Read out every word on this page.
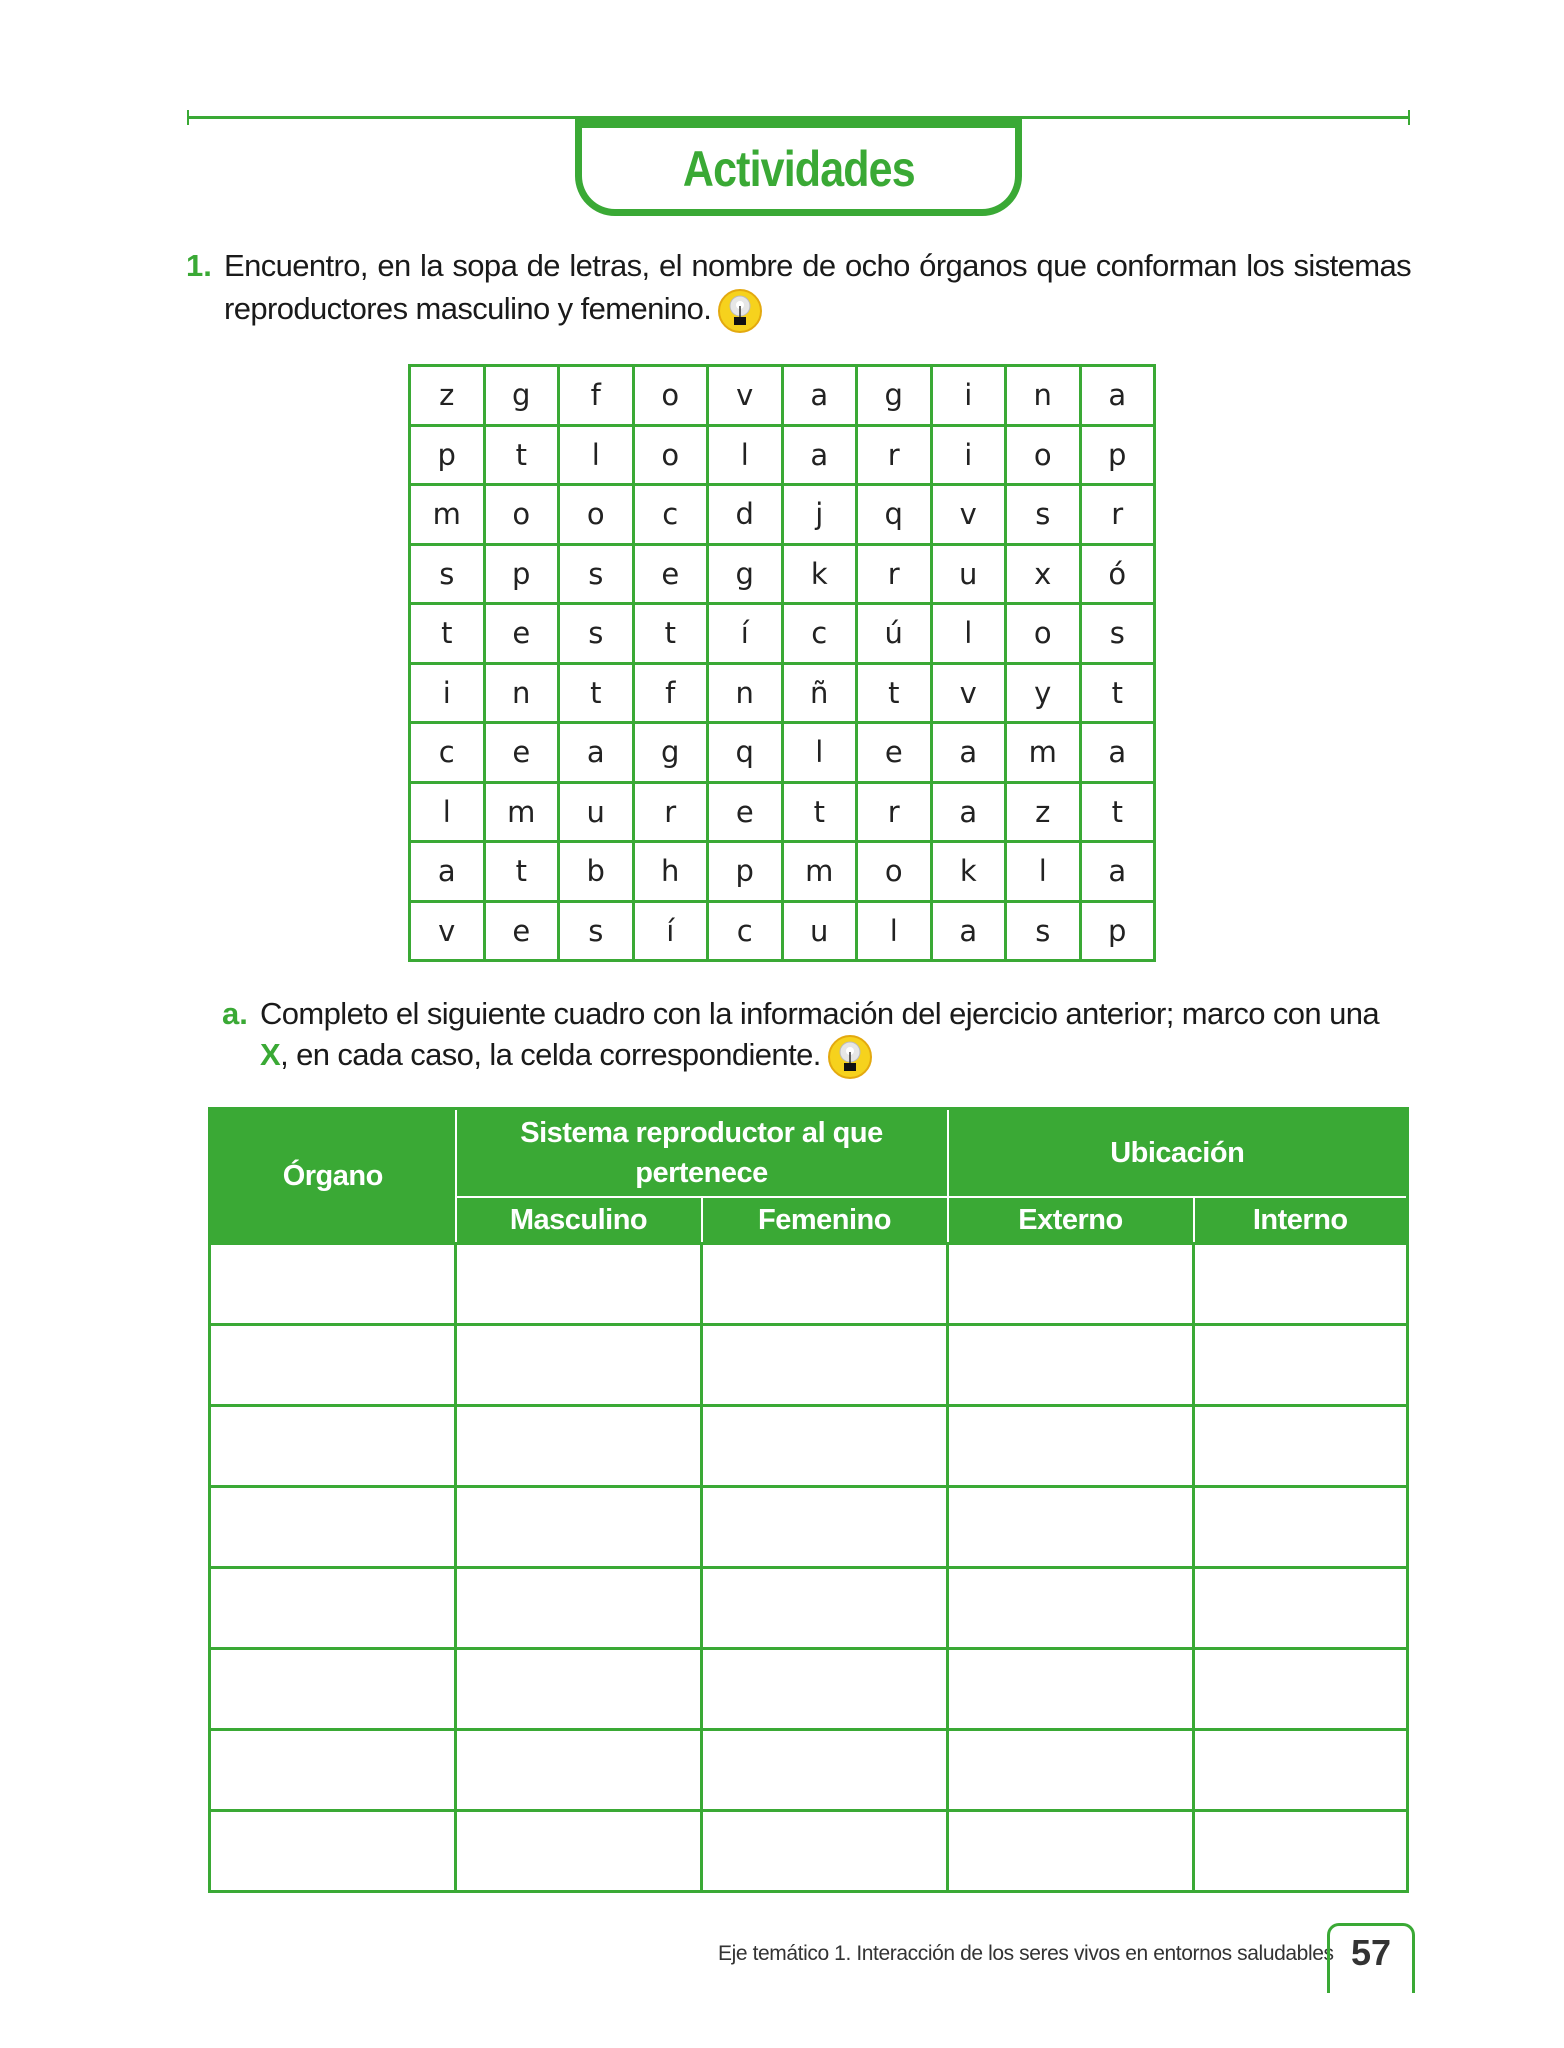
Actividades
1. Encuentro, en la sopa de letras, el nombre de ocho órganos que conforman los sistemas reproductores masculino y femenino.
z	g	f	o	v	a	g	i	n	a
p	t	l	o	l	a	r	i	o	p
m	o	o	c	d	j	q	v	s	r
s	p	s	e	g	k	r	u	x	ó
t	e	s	t	í	c	ú	l	o	s
i	n	t	f	n	ñ	t	v	y	t
c	e	a	g	q	l	e	a	m	a
l	m	u	r	e	t	r	a	z	t
a	t	b	h	p	m	o	k	l	a
v	e	s	í	c	u	l	a	s	p
a. Completo el siguiente cuadro con la información del ejercicio anterior; marco con una X, en cada caso, la celda correspondiente.
Órgano	Sistema reproductor al que pertenece		Ubicación	
	Masculino	Femenino	Externo	Interno

Eje temático 1. Interacción de los seres vivos en entornos saludables 57
